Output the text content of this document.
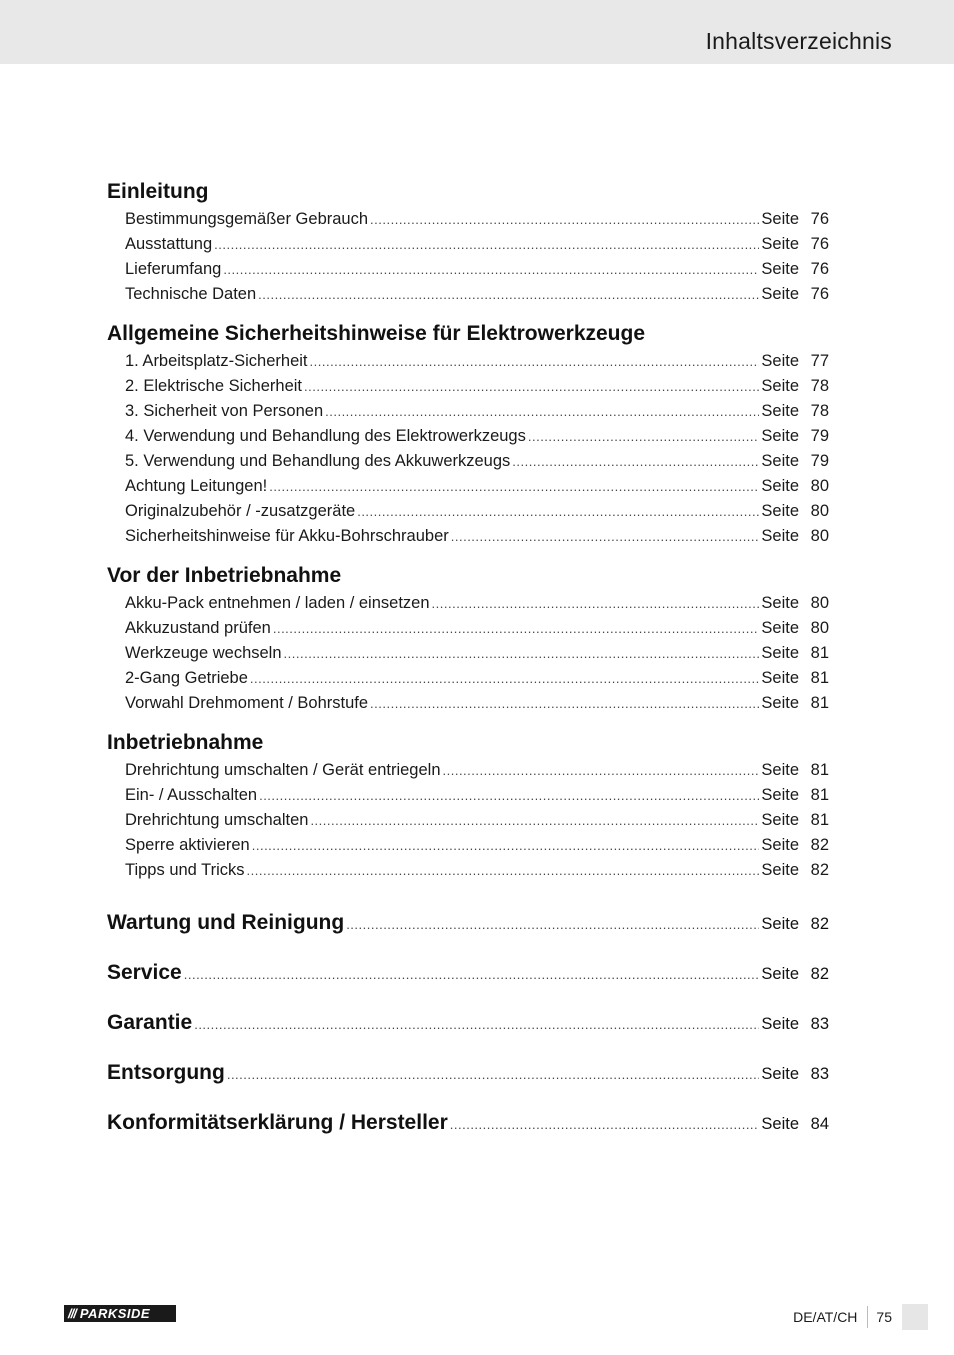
Inhaltsverzeichnis
Einleitung
Bestimmungsgemäßer Gebrauch .....	Seite 76
Ausstattung .....	Seite 76
Lieferumfang .....	Seite 76
Technische Daten .....	Seite 76
Allgemeine Sicherheitshinweise für Elektrowerkzeuge
1. Arbeitsplatz-Sicherheit .....	Seite 77
2. Elektrische Sicherheit .....	Seite 78
3. Sicherheit von Personen .....	Seite 78
4. Verwendung und Behandlung des Elektrowerkzeugs .....	Seite 79
5. Verwendung und Behandlung des Akkuwerkzeugs .....	Seite 79
Achtung Leitungen! .....	Seite 80
Originalzubehör / -zusatzgeräte .....	Seite 80
Sicherheitshinweise für Akku-Bohrschrauber .....	Seite 80
Vor der Inbetriebnahme
Akku-Pack entnehmen / laden / einsetzen .....	Seite 80
Akkuzustand prüfen .....	Seite 80
Werkzeuge wechseln .....	Seite 81
2-Gang Getriebe .....	Seite 81
Vorwahl Drehmoment / Bohrstufe .....	Seite 81
Inbetriebnahme
Drehrichtung umschalten / Gerät entriegeln .....	Seite 81
Ein- / Ausschalten .....	Seite 81
Drehrichtung umschalten .....	Seite 81
Sperre aktivieren .....	Seite 82
Tipps und Tricks .....	Seite 82
Wartung und Reinigung .....	Seite 82
Service .....	Seite 82
Garantie .....	Seite 83
Entsorgung .....	Seite 83
Konformitätserklärung / Hersteller .....	Seite 84
/// PARKSIDE	DE/AT/CH	75
